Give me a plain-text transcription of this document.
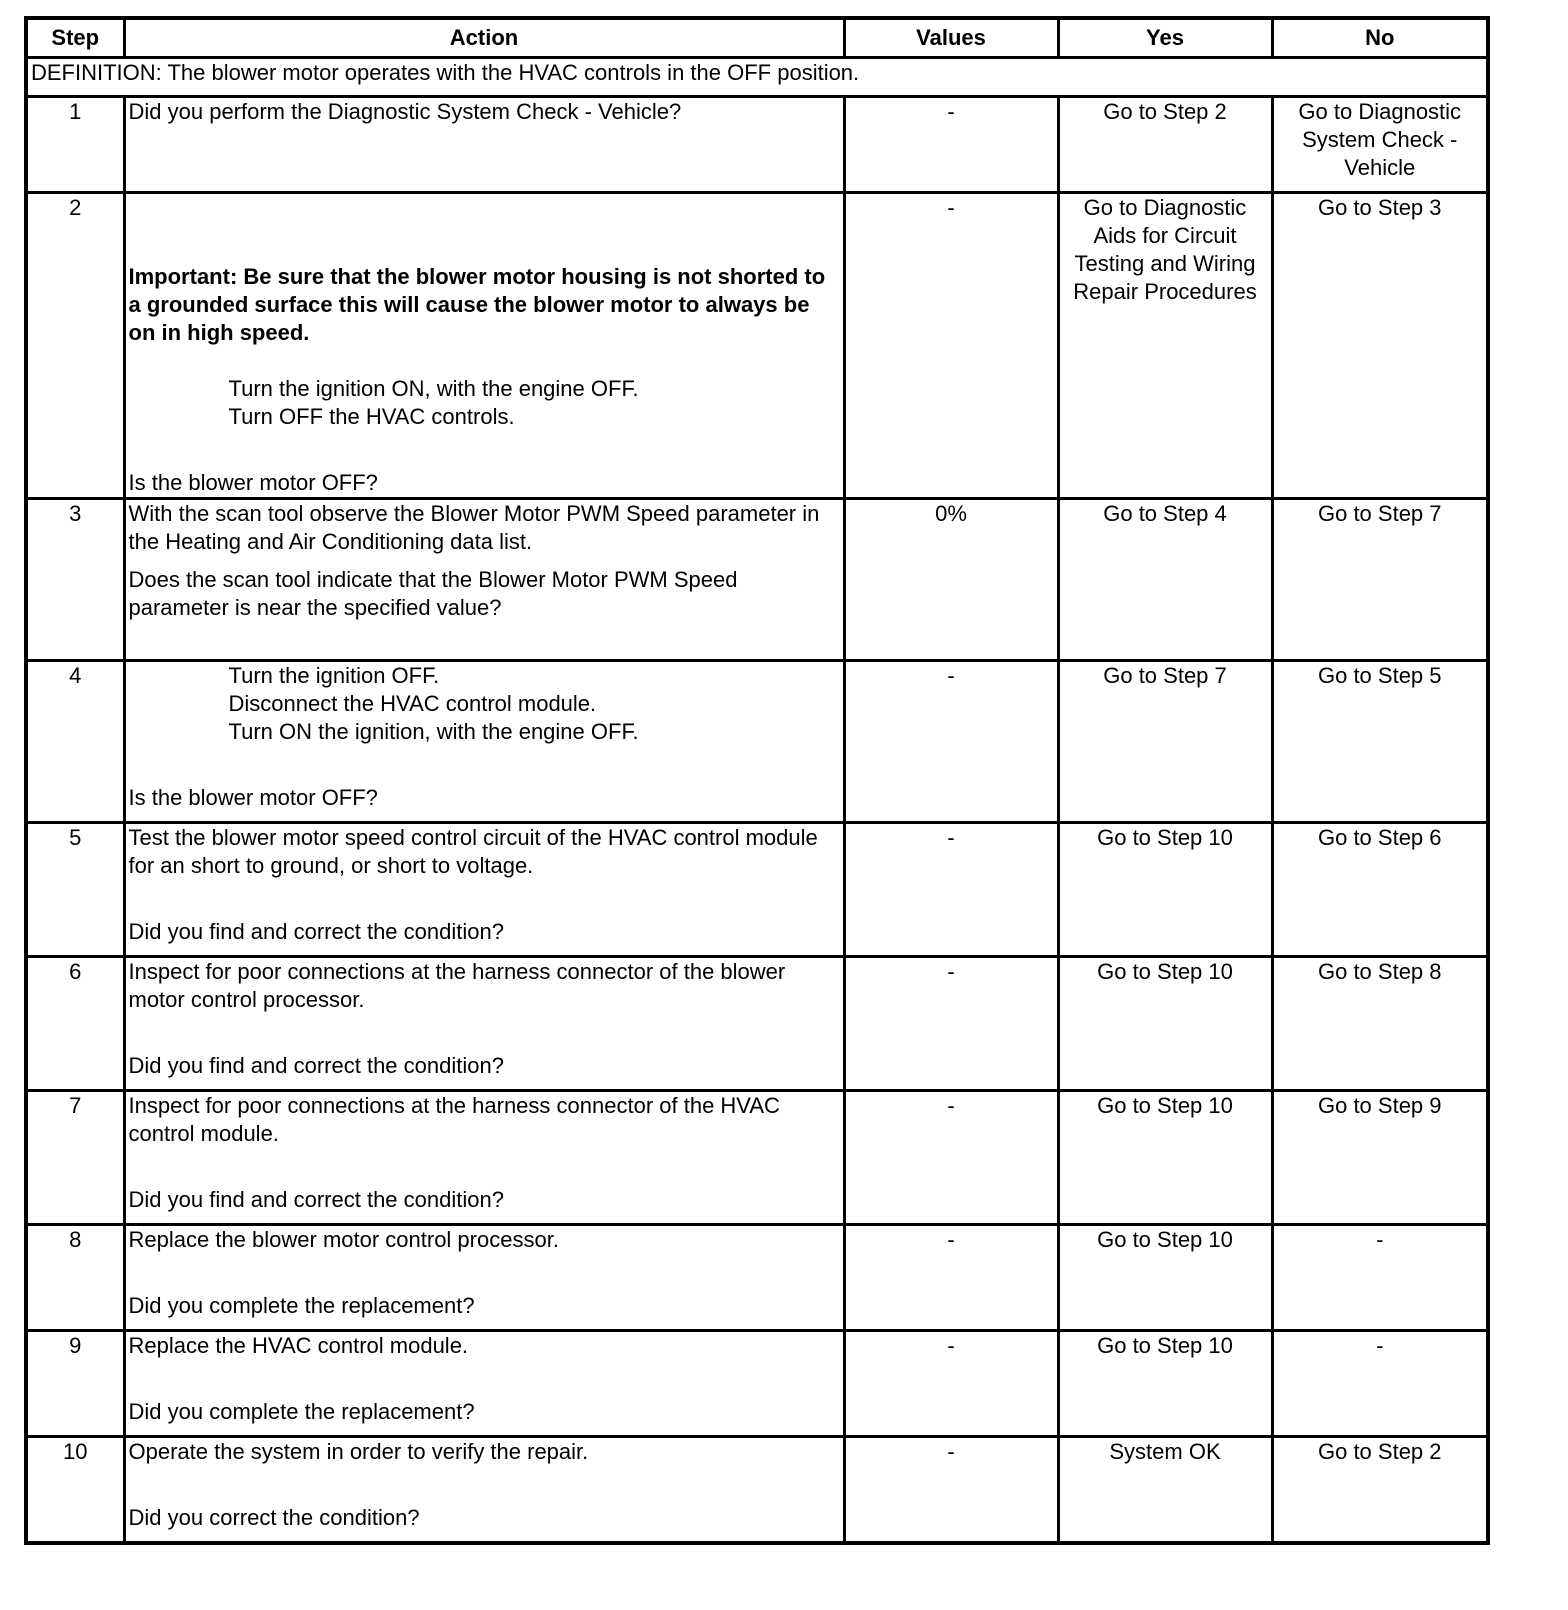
Step	Action	Values	Yes	No
DEFINITION: The blower motor operates with the HVAC controls in the OFF position.				
1	Did you perform the Diagnostic System Check - Vehicle?	-	Go to Step 2	Go to Diagnostic System Check - Vehicle
2	Important: Be sure that the blower motor housing is not shorted to a grounded surface this will cause the blower motor to always be on in high speed.
Turn the ignition ON, with the engine OFF.
Turn OFF the HVAC controls.
Is the blower motor OFF?	-	Go to Diagnostic Aids for Circuit Testing and Wiring Repair Procedures	Go to Step 3
3	With the scan tool observe the Blower Motor PWM Speed parameter in the Heating and Air Conditioning data list.
Does the scan tool indicate that the Blower Motor PWM Speed parameter is near the specified value?	0%	Go to Step 4	Go to Step 7
4	Turn the ignition OFF.
Disconnect the HVAC control module.
Turn ON the ignition, with the engine OFF.
Is the blower motor OFF?	-	Go to Step 7	Go to Step 5
5	Test the blower motor speed control circuit of the HVAC control module for an short to ground, or short to voltage.
Did you find and correct the condition?	-	Go to Step 10	Go to Step 6
6	Inspect for poor connections at the harness connector of the blower motor control processor.
Did you find and correct the condition?	-	Go to Step 10	Go to Step 8
7	Inspect for poor connections at the harness connector of the HVAC control module.
Did you find and correct the condition?	-	Go to Step 10	Go to Step 9
8	Replace the blower motor control processor.
Did you complete the replacement?	-	Go to Step 10	-
9	Replace the HVAC control module.
Did you complete the replacement?	-	Go to Step 10	-
10	Operate the system in order to verify the repair.
Did you correct the condition?	-	System OK	Go to Step 2
